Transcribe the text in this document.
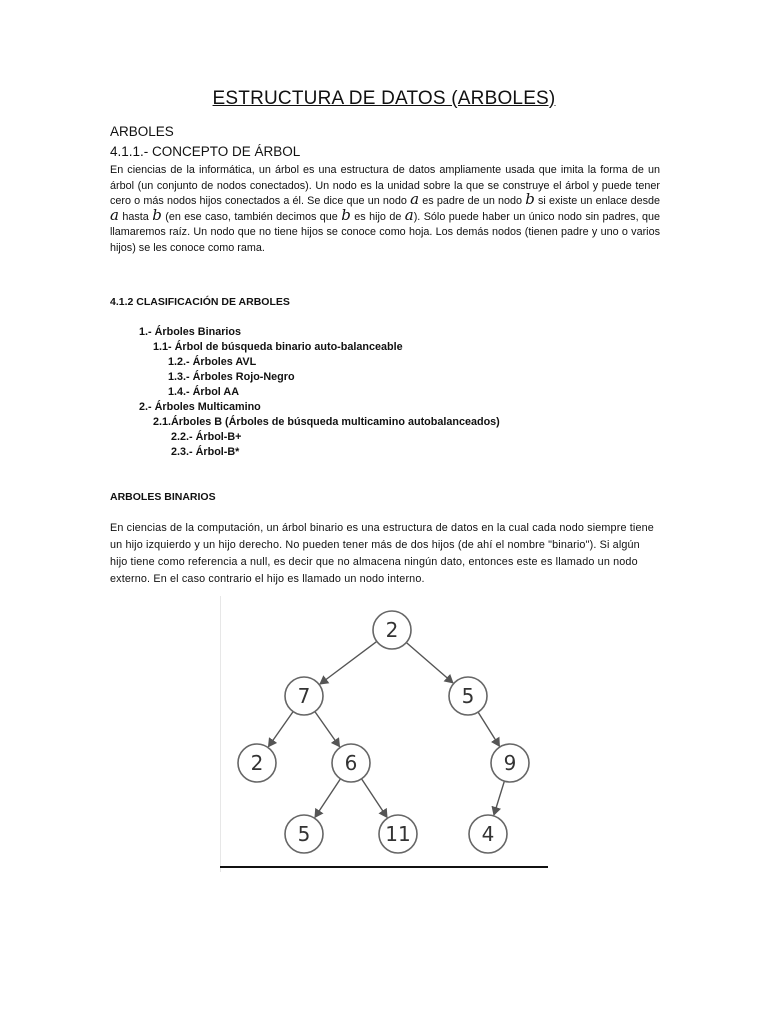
ESTRUCTURA DE DATOS (ARBOLES)
ARBOLES
4.1.1.- CONCEPTO DE ÁRBOL
En ciencias de la informática, un árbol es una estructura de datos ampliamente usada que imita la forma de un árbol (un conjunto de nodos conectados). Un nodo es la unidad sobre la que se construye el árbol y puede tener cero o más nodos hijos conectados a él. Se dice que un nodo a es padre de un nodo b si existe un enlace desde a hasta b (en ese caso, también decimos que b es hijo de a). Sólo puede haber un único nodo sin padres, que llamaremos raíz. Un nodo que no tiene hijos se conoce como hoja. Los demás nodos (tienen padre y uno o varios hijos) se les conoce como rama.
4.1.2 CLASIFICACIÓN DE ARBOLES
1.- Árboles Binarios
1.1- Árbol de búsqueda binario auto-balanceable
1.2.- Árboles AVL
1.3.- Árboles Rojo-Negro
1.4.- Árbol AA
2.- Árboles Multicamino
2.1.Árboles B (Árboles de búsqueda multicamino autobalanceados)
2.2.- Árbol-B+
2.3.- Árbol-B*
ARBOLES BINARIOS
En ciencias de la computación, un árbol binario es una estructura de datos en la cual cada nodo siempre tiene un hijo izquierdo y un hijo derecho. No pueden tener más de dos hijos (de ahí el nombre "binario"). Si algún hijo tiene como referencia a null, es decir que no almacena ningún dato, entonces este es llamado un nodo externo. En el caso contrario el hijo es llamado un nodo interno.
2
7	5
2	6	9
5	11	4
